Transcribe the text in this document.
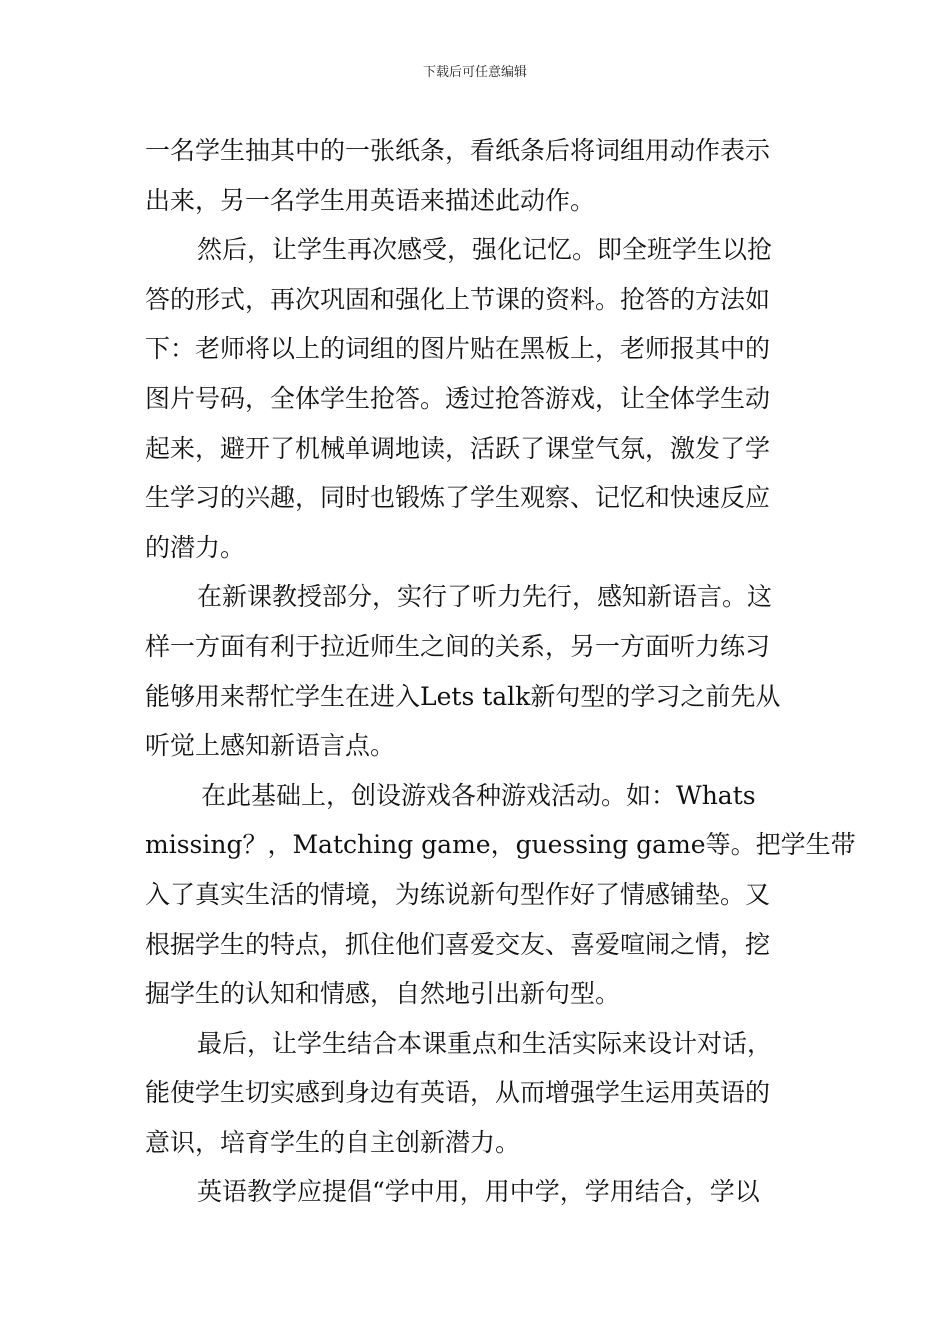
下载后可任意编辑
一名学生抽其中的一张纸条，看纸条后将词组用动作表示
出来，另一名学生用英语来描述此动作。
然后，让学生再次感受，强化记忆。即全班学生以抢
答的形式，再次巩固和强化上节课的资料。抢答的方法如
下：老师将以上的词组的图片贴在黑板上，老师报其中的
图片号码，全体学生抢答。透过抢答游戏，让全体学生动
起来，避开了机械单调地读，活跃了课堂气氛，激发了学
生学习的兴趣，同时也锻炼了学生观察、记忆和快速反应
的潜力。
在新课教授部分，实行了听力先行，感知新语言。这
样一方面有利于拉近师生之间的关系，另一方面听力练习
能够用来帮忙学生在进入Lets talk新句型的学习之前先从
听觉上感知新语言点。
在此基础上，创设游戏各种游戏活动。如：Whats
missing？，Matching game，guessing game等。把学生带
入了真实生活的情境，为练说新句型作好了情感铺垫。又
根据学生的特点，抓住他们喜爱交友、喜爱喧闹之情，挖
掘学生的认知和情感，自然地引出新句型。
最后，让学生结合本课重点和生活实际来设计对话，
能使学生切实感到身边有英语，从而增强学生运用英语的
意识，培育学生的自主创新潜力。
英语教学应提倡“学中用，用中学，学用结合，学以
